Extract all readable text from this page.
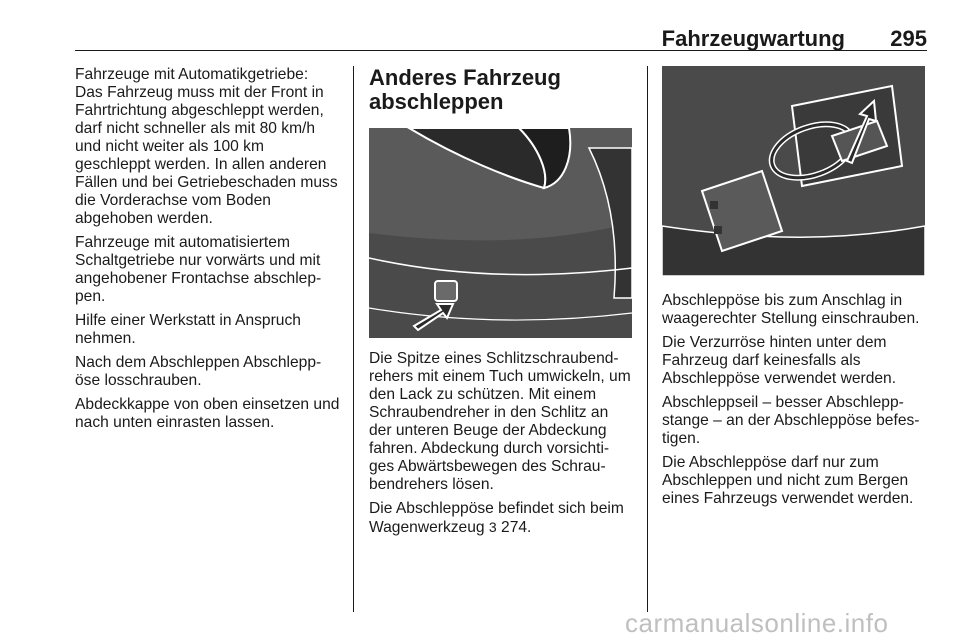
Fahrzeugwartung 295

Fahrzeuge mit Automatikgetriebe: Das Fahrzeug muss mit der Front in Fahrtrichtung abgeschleppt werden, darf nicht schneller als mit 80 km/h und nicht weiter als 100 km geschleppt werden. In allen anderen Fällen und bei Getriebeschaden muss die Vorderachse vom Boden abgehoben werden.

Fahrzeuge mit automatisiertem Schaltgetriebe nur vorwärts und mit angehobener Frontachse abschlep-pen.

Hilfe einer Werkstatt in Anspruch nehmen.

Nach dem Abschleppen Abschlepp-öse losschrauben.

Abdeckkappe von oben einsetzen und nach unten einrasten lassen.

Anderes Fahrzeug abschleppen

Die Spitze eines Schlitzschraubend-rehers mit einem Tuch umwickeln, um den Lack zu schützen. Mit einem Schraubendreher in den Schlitz an der unteren Beuge der Abdeckung fahren. Abdeckung durch vorsichti-ges Abwärtsbewegen des Schrau-bendrehers lösen.

Die Abschleppöse befindet sich beim Wagenwerkzeug 3 274.

Abschleppöse bis zum Anschlag in waagerechter Stellung einschrauben.

Die Verzurröse hinten unter dem Fahrzeug darf keinesfalls als Abschleppöse verwendet werden.

Abschleppseil – besser Abschlepp-stange – an der Abschleppöse befes-tigen.

Die Abschleppöse darf nur zum Abschleppen und nicht zum Bergen eines Fahrzeugs verwendet werden.

carmanualsonline.info
